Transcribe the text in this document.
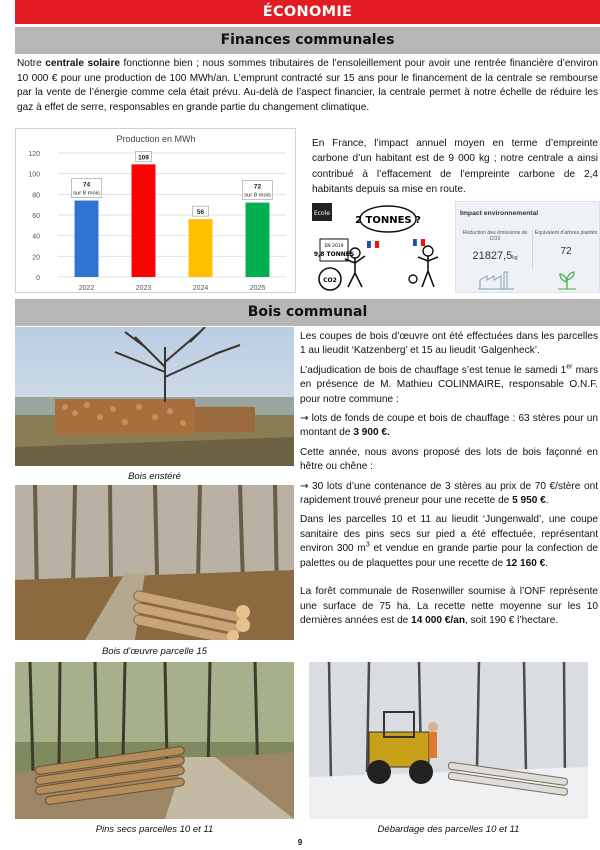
ÉCONOMIE
Finances communales
Notre centrale solaire fonctionne bien ; nous sommes tributaires de l’ensoleillement pour avoir une rentrée financière d’environ 10 000 € pour une production de 100 MWh/an. L’emprunt contracté sur 15 ans pour le financement de la centrale se rembourse par la vente de l’énergie comme cela était prévu. Au-delà de l’aspect financier, la centrale permet à notre échelle de réduire les gaz à effet de serre, responsables en grande partie du changement climatique.
Production en MWh
0
20
40
60
80
100
120
2022
74
sur 8 mois
2023
109
2024
56
2025
72
sur 8 mois
En France, l’impact annuel moyen en terme d’empreinte carbone d’un habitant est de 9 000 kg ; notre centrale a ainsi contribué à l’effacement de l’empreinte carbone de 2,4 habitants depuis sa mise en route.
Ecole
2 TONNES ?
EN 2019
9,8 TONNES
CO2
Impact environnemental
Réduction des émissions de CO2
21827,5kg
Equivalent d’arbres plantés
72
Bois communal
Bois enstéré
Bois d’œuvre parcelle 15

Les coupes de bois d’œuvre ont été effectuées dans les parcelles 1 au lieudit ‘Katzenberg’ et 15 au lieudit ‘Galgenheck’.

L’adjudication de bois de chauffage s’est tenue le samedi 1er mars en présence de M. Mathieu COLINMAIRE, responsable O.N.F. pour notre commune :

→ lots de fonds de coupe et bois de chauffage : 63 stères pour un montant de 3 900 €.

Cette année, nous avons proposé des lots de bois façonné en hêtre ou chêne :

→ 30 lots d’une contenance de 3 stères au prix de 70 €/stère ont rapidement trouvé preneur pour une recette de 5 950 €.

Dans les parcelles 10 et 11 au lieudit ‘Jungenwald’, une coupe sanitaire des pins secs sur pied a été effectuée, représentant environ 300 $m^3$ et vendue en grande partie pour la confection de palettes ou de plaquettes pour une recette de 12 160 €.

La forêt communale de Rosenwiller soumise à l’ONF représente une surface de 75 ha. La recette nette moyenne sur les 10 dernières années est de 14 000 €/an, soit 190 € l’hectare.

Pins secs parcelles 10 et 11	Débardage des parcelles 10 et 11
9
